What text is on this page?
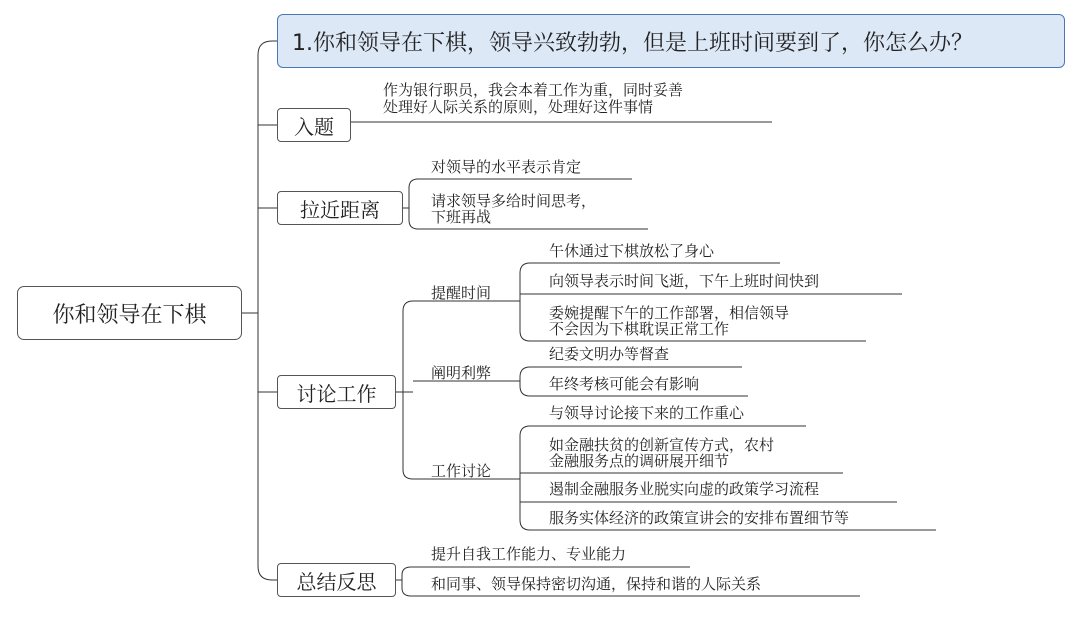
你和领导在下棋
1.你和领导在下棋，领导兴致勃勃，但是上班时间要到了，你怎么办？
入题
拉近距离
讨论工作
总结反思
作为银行职员，我会本着工作为重，同时妥善
处理好人际关系的原则，处理好这件事情
对领导的水平表示肯定
请求领导多给时间思考，
下班再战
提醒时间
阐明利弊
工作讨论
午休通过下棋放松了身心
向领导表示时间飞逝，下午上班时间快到
委婉提醒下午的工作部署，相信领导
不会因为下棋耽误正常工作
纪委文明办等督查
年终考核可能会有影响
与领导讨论接下来的工作重心
如金融扶贫的创新宣传方式，农村
金融服务点的调研展开细节
遏制金融服务业脱实向虚的政策学习流程
服务实体经济的政策宣讲会的安排布置细节等
提升自我工作能力、专业能力
和同事、领导保持密切沟通，保持和谐的人际关系
